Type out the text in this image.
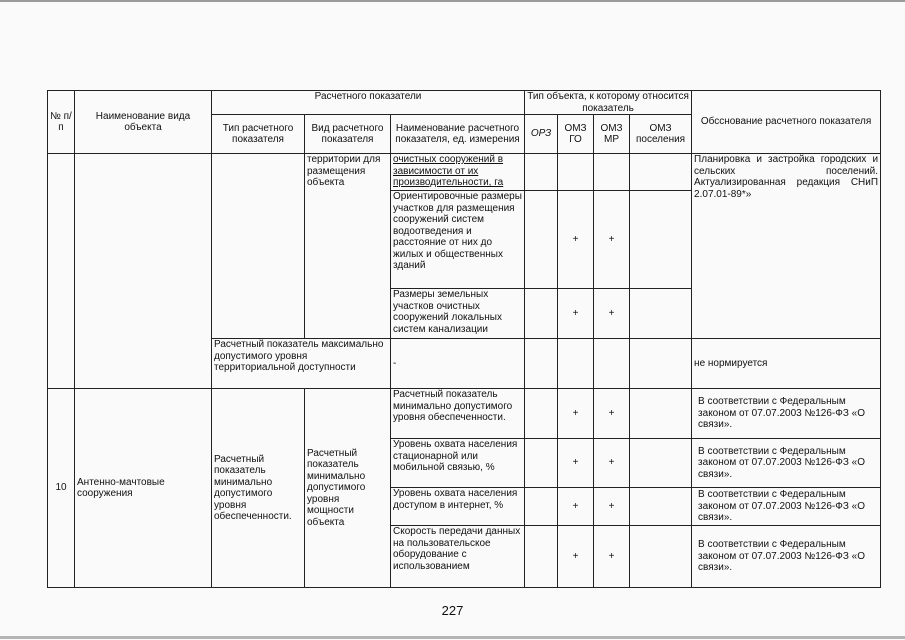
№ п/п	Наименование вида объекта	Расчетного показатели			Тип объекта, к которому относится показатель				Обсснование расчетного показателя
		Тип расчетного показателя	Вид расчетного показателя	Наименование расчетного показателя, ед. измерения	ОРЗ	ОМЗ ГО	ОМЗ МР	ОМЗ поселения	
			территории для размещения объекта	очистных сооружений в зависимости от их производительности, га					Планировка и застройка городских и сельских поселений. Актуализированная редакция СНиП 2.07.01-89*»
				Ориентировочные размеры участков для размещения сооружений систем водоотведения и расстояние от них до жилых и общественных зданий		+	+		
				Размеры земельных участков очистных сооружений локальных систем канализации		+	+		
		Расчетный показатель максимально допустимого уровня территориальной доступности		-					не нормируется
10	Антенно-мачтовые сооружения	Расчетный показатель минимально допустимого уровня обеспеченности.	Расчетный показатель минимально допустимого уровня мощности объекта	Расчетный показатель минимально допустимого уровня обеспеченности.		+	+		В соответствии с Федеральным законом от 07.07.2003 №126-ФЗ «О связи».
				Уровень охвата населения стационарной или мобильной связью, %		+	+		В соответствии с Федеральным законом от 07.07.2003 №126-ФЗ «О связи».
				Уровень охвата населения доступом в интернет, %		+	+		В соответствии с Федеральным законом от 07.07.2003 №126-ФЗ «О связи».
				Скорость передачи данных на пользовательское оборудование с использованием		+	+		В соответствии с Федеральным законом от 07.07.2003 №126-ФЗ «О связи».
227
